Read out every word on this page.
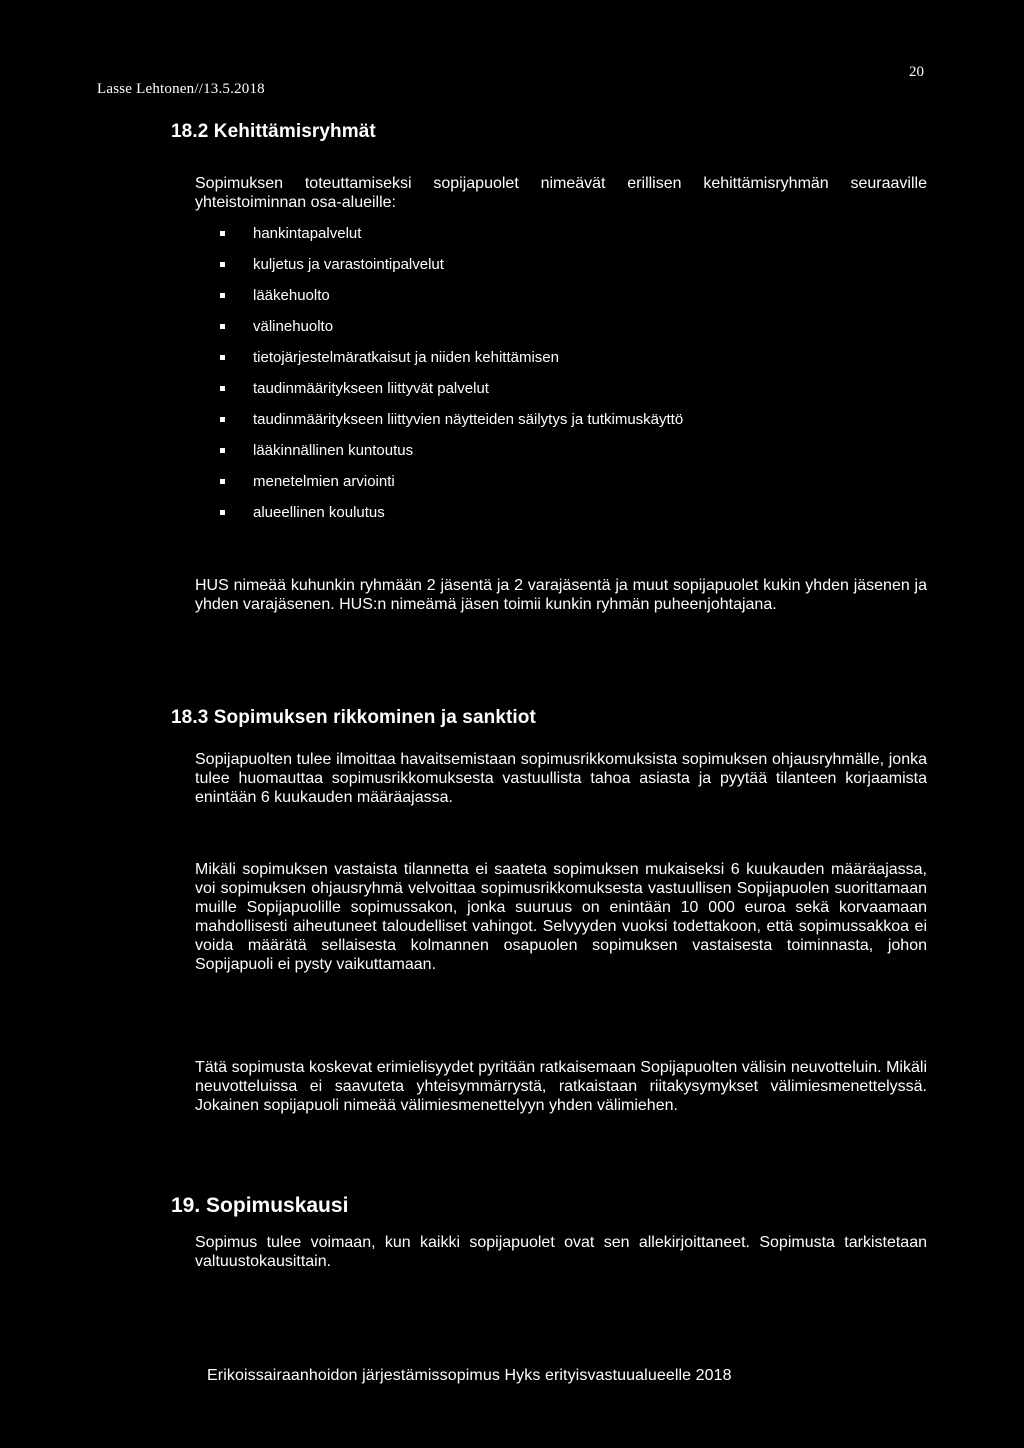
Lasse Lehtonen//13.5.2018
20
18.2 Kehittämisryhmät
Sopimuksen toteuttamiseksi sopijapuolet nimeävät erillisen kehittämisryhmän seuraaville yhteistoiminnan osa-alueille:
hankintapalvelut
kuljetus ja varastointipalvelut
lääkehuolto
välinehuolto
tietojärjestelmäratkaisut ja niiden kehittämisen
taudinmääritykseen liittyvät palvelut
taudinmääritykseen liittyvien näytteiden säilytys ja tutkimuskäyttö
lääkinnällinen kuntoutus
menetelmien arviointi
alueellinen koulutus
HUS nimeää kuhunkin ryhmään 2 jäsentä ja 2 varajäsentä ja muut sopijapuolet kukin yhden jäsenen ja yhden varajäsenen. HUS:n nimeämä jäsen toimii kunkin ryhmän puheenjohtajana.
18.3 Sopimuksen rikkominen ja sanktiot
Sopijapuolten tulee ilmoittaa havaitsemistaan sopimusrikkomuksista sopimuksen ohjausryhmälle, jonka tulee huomauttaa sopimusrikkomuksesta vastuullista tahoa asiasta ja pyytää tilanteen korjaamista enintään 6 kuukauden määräajassa.
Mikäli sopimuksen vastaista tilannetta ei saateta sopimuksen mukaiseksi 6 kuukauden määräajassa, voi sopimuksen ohjausryhmä velvoittaa sopimusrikkomuksesta vastuullisen Sopijapuolen suorittamaan muille Sopijapuolille sopimussakon, jonka suuruus on enintään 10 000 euroa sekä korvaamaan mahdollisesti aiheutuneet taloudelliset vahingot. Selvyyden vuoksi todettakoon, että sopimussakkoa ei voida määrätä sellaisesta kolmannen osapuolen sopimuksen vastaisesta toiminnasta, johon Sopijapuoli ei pysty vaikuttamaan.
Tätä sopimusta koskevat erimielisyydet pyritään ratkaisemaan Sopijapuolten välisin neuvotteluin. Mikäli neuvotteluissa ei saavuteta yhteisymmärrystä, ratkaistaan riitakysymykset välimiesmenettelyssä. Jokainen sopijapuoli nimeää välimiesmenettelyyn yhden välimiehen.
19. Sopimuskausi
Sopimus tulee voimaan, kun kaikki sopijapuolet ovat sen allekirjoittaneet. Sopimusta tarkistetaan valtuustokausittain.
Erikoissairaanhoidon järjestämissopimus Hyks erityisvastuualueelle 2018
